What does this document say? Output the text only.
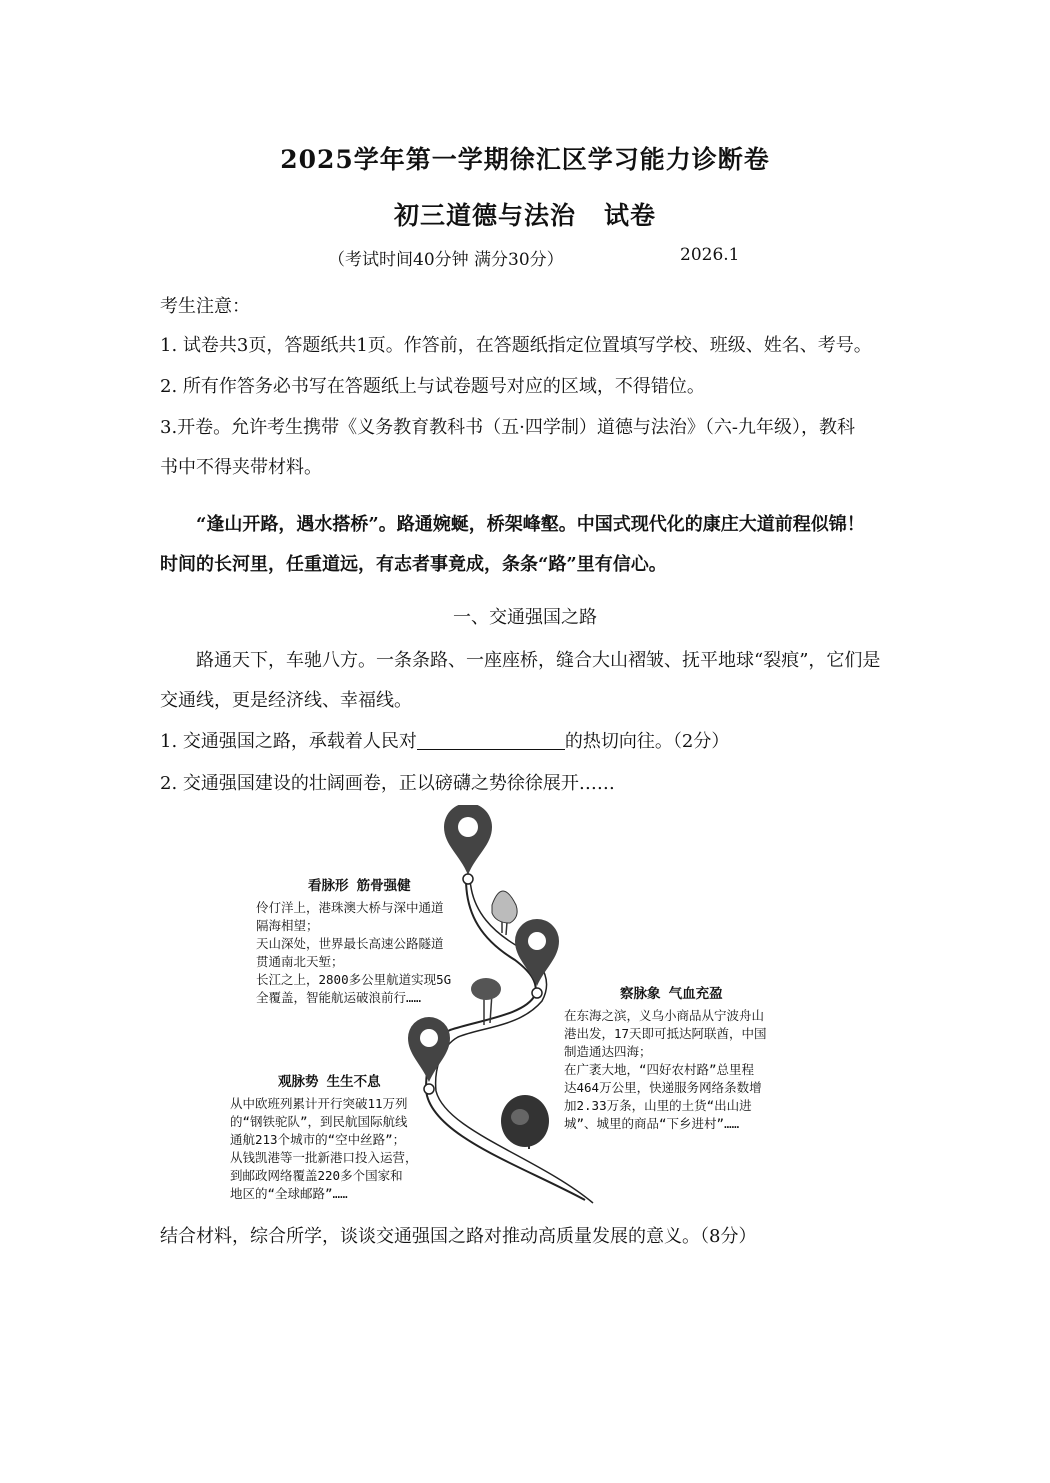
2025学年第一学期徐汇区学习能力诊断卷
初三道德与法治 试卷
（考试时间40分钟 满分30分）	2026.1
考生注意：
1. 试卷共3页，答题纸共1页。作答前，在答题纸指定位置填写学校、班级、姓名、考号。
2. 所有作答务必书写在答题纸上与试卷题号对应的区域，不得错位。
3.开卷。允许考生携带《义务教育教科书（五·四学制）道德与法治》（六-九年级），教科
书中不得夹带材料。
“逢山开路，遇水搭桥”。路通婉蜒，桥架峰壑。中国式现代化的康庄大道前程似锦！
时间的长河里，任重道远，有志者事竟成，条条“路”里有信心。
一、交通强国之路
路通天下，车驰八方。一条条路、一座座桥，缝合大山褶皱、抚平地球“裂痕”，它们是
交通线，更是经济线、幸福线。
1. 交通强国之路，承载着人民对	的热切向往。（2分）
2. 交通强国建设的壮阔画卷，正以磅礴之势徐徐展开……
看脉形 筋骨强健
伶仃洋上，港珠澳大桥与深中通道
隔海相望；
天山深处，世界最长高速公路隧道
贯通南北天堑；
长江之上，2800多公里航道实现5G
全覆盖，智能航运破浪前行……	察脉象 气血充盈
在东海之滨，义乌小商品从宁波舟山
港出发，17天即可抵达阿联酋，中国
制造通达四海；
在广袤大地，“四好农村路”总里程
达464万公里，快递服务网络条数增
加2.33万条，山里的土货“出山进
城”、城里的商品“下乡进村”……
观脉势 生生不息
从中欧班列累计开行突破11万列
的“钢铁驼队”，到民航国际航线
通航213个城市的“空中丝路”；
从钱凯港等一批新港口投入运营，
到邮政网络覆盖220多个国家和
地区的“全球邮路”……
结合材料，综合所学，谈谈交通强国之路对推动高质量发展的意义。（8分）
